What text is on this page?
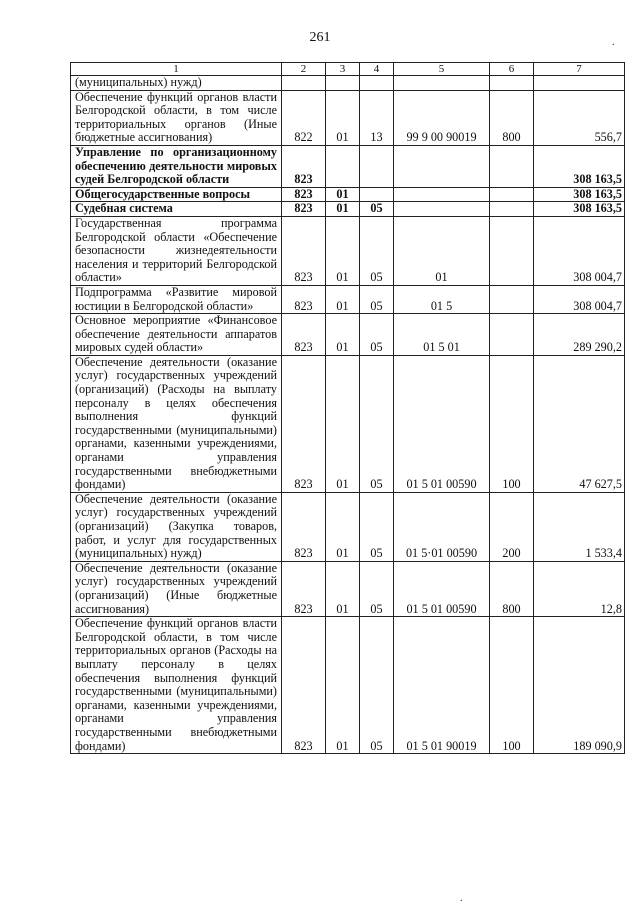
261	.
1	2	3	4	5	6	7
(муниципальных) нужд)						
Обеспечение функций органов власти Белгородской области, в том числе территориальных органов (Иные бюджетные ассигнования)	822	01	13	99 9 00 90019	800	556,7
Управление по организационному обеспечению деятельности мировых судей Белгородской области	823					308 163,5
Общегосударственные вопросы	823	01				308 163,5
Судебная система	823	01	05			308 163,5
Государственная программа Белгородской области «Обеспечение безопасности жизнедеятельности населения и территорий Белгородской области»	823	01	05	01		308 004,7
Подпрограмма «Развитие мировой юстиции в Белгородской области»	823	01	05	01 5		308 004,7
Основное мероприятие «Финансовое обеспечение деятельности аппаратов мировых судей области»	823	01	05	01 5 01		289 290,2
Обеспечение деятельности (оказание услуг) государственных учреждений (организаций) (Расходы на выплату персоналу в целях обеспечения выполнения функций государственными (муниципальными) органами, казенными учреждениями, органами управления государственными внебюджетными фондами)	823	01	05	01 5 01 00590	100	47 627,5
Обеспечение деятельности (оказание услуг) государственных учреждений (организаций) (Закупка товаров, работ, и услуг для государственных (муниципальных) нужд)	823	01	05	01 5·01 00590	200	1 533,4
Обеспечение деятельности (оказание услуг) государственных учреждений (организаций) (Иные бюджетные ассигнования)	823	01	05	01 5 01 00590	800	12,8
Обеспечение функций органов власти Белгородской области, в том числе территориальных органов (Расходы на выплату персоналу в целях обеспечения выполнения функций государственными (муниципальными) органами, казенными учреждениями, органами управления государственными внебюджетными фондами)	823	01	05	01 5 01 90019	100	189 090,9
.
